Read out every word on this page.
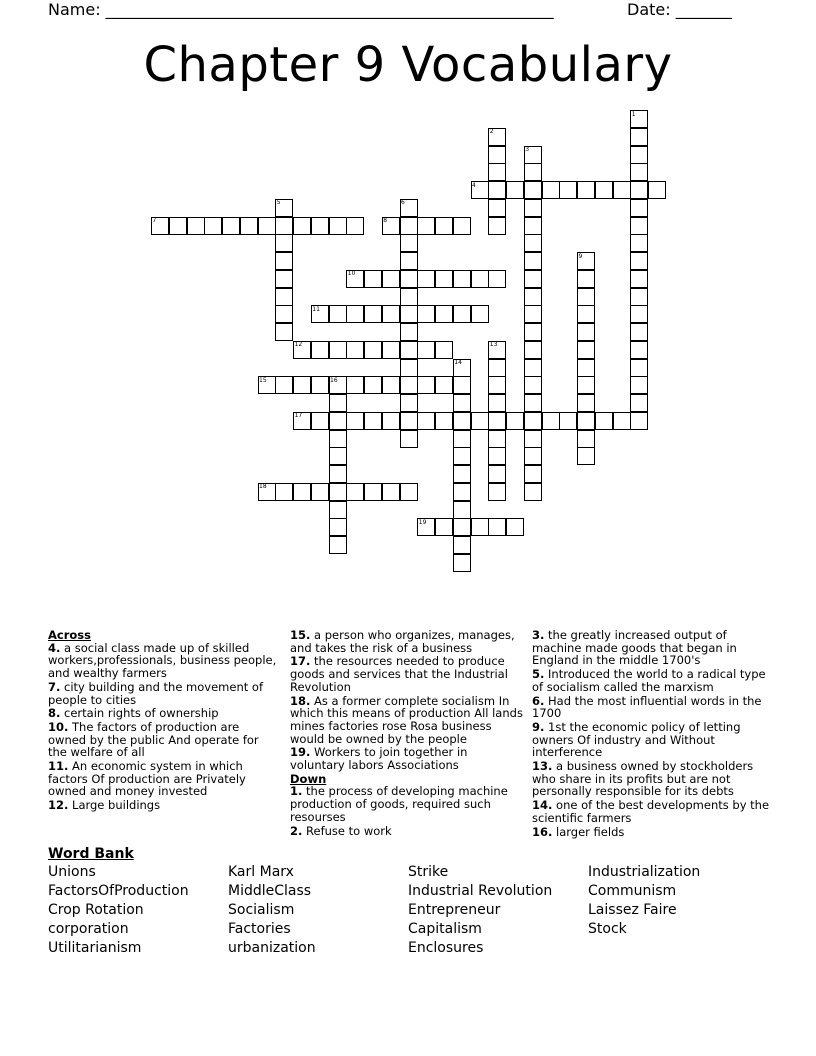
Name: ________________________________________________________	Date: _______
Chapter 9 Vocabulary
1
2
3
4
5	6
7	8
9
10
11
12	13
14
15	16
17
18
19
Across
4. a social class made up of skilled workers,professionals, business people, and wealthy farmers
7. city building and the movement of people to cities
8. certain rights of ownership
10. The factors of production are owned by the public And operate for the welfare of all
11. An economic system in which factors Of production are Privately owned and money invested
12. Large buildings
15. a person who organizes, manages, and takes the risk of a business
17. the resources needed to produce goods and services that the Industrial Revolution
18. As a former complete socialism In which this means of production All lands mines factories rose Rosa business would be owned by the people
19. Workers to join together in voluntary labors Associations
Down
1. the process of developing machine production of goods, required such resourses
2. Refuse to work
3. the greatly increased output of machine made goods that began in England in the middle 1700's
5. Introduced the world to a radical type of socialism called the marxism
6. Had the most influential words in the 1700
9. 1st the economic policy of letting owners Of industry and Without interference
13. a business owned by stockholders who share in its profits but are not personally responsible for its debts
14. one of the best developments by the scientific farmers
16. larger fields
Word Bank
Unions
FactorsOfProduction
Crop Rotation
corporation
Utilitarianism
Karl Marx
MiddleClass
Socialism
Factories
urbanization
Strike
Industrial Revolution
Entrepreneur
Capitalism
Enclosures
Industrialization
Communism
Laissez Faire
Stock
